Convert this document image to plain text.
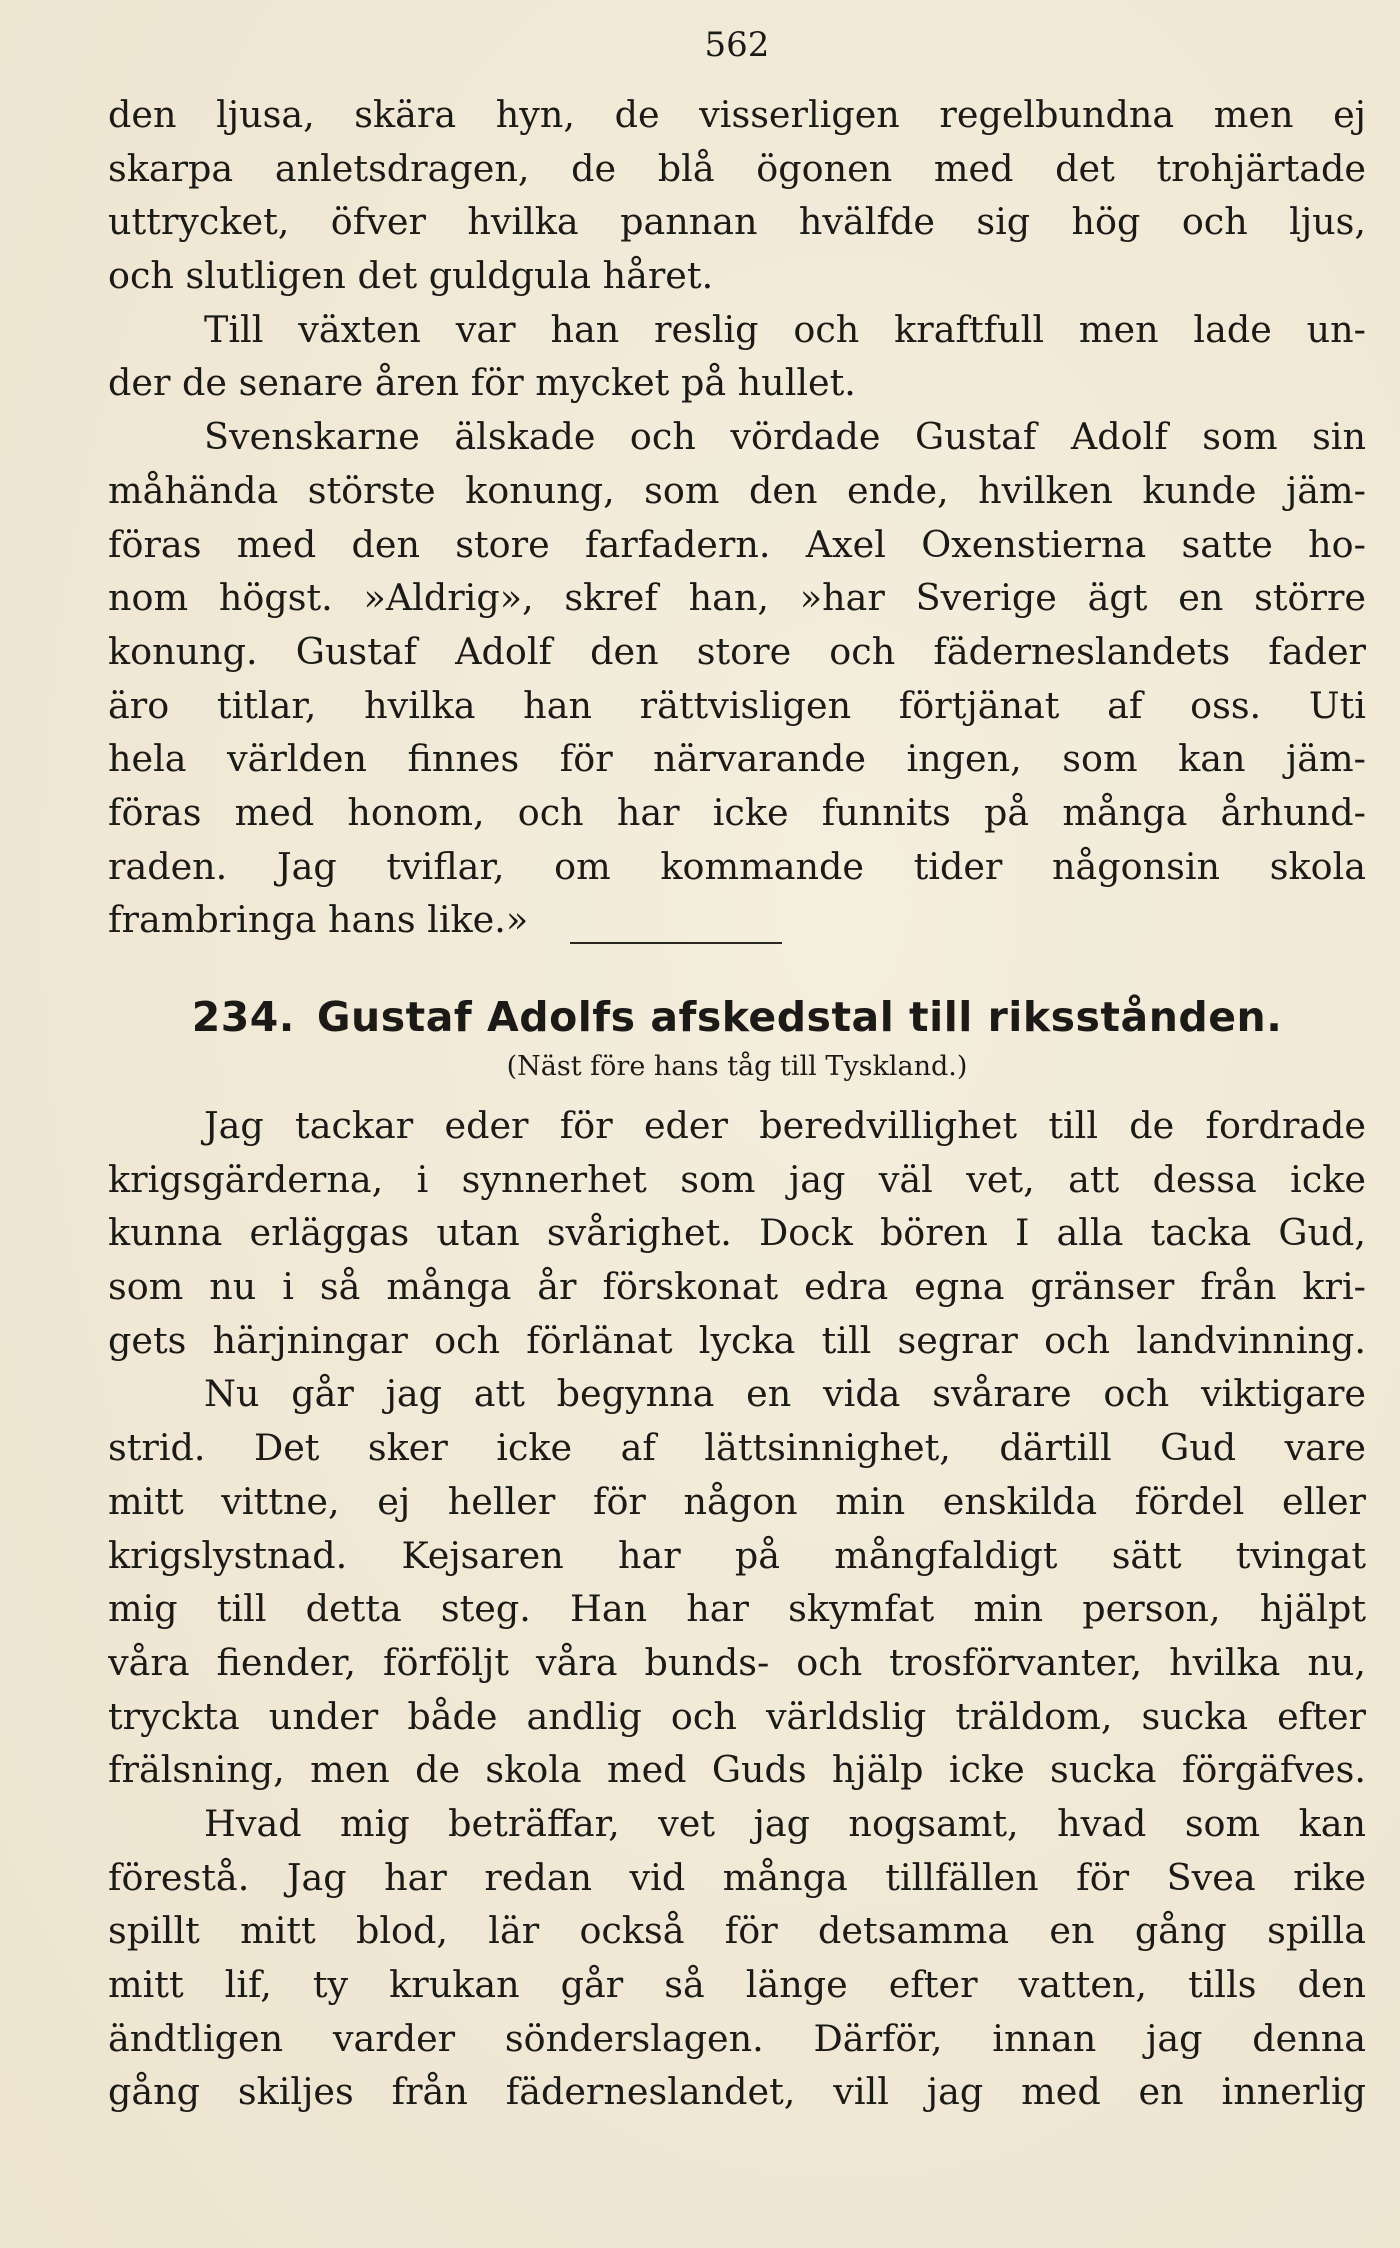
562
den ljusa, skära hyn, de visserligen regelbundna men ej
skarpa anletsdragen, de blå ögonen med det trohjärtade
uttrycket, öfver hvilka pannan hvälfde sig hög och ljus,
och slutligen det guldgula håret.
Till växten var han reslig och kraftfull men lade un-
der de senare åren för mycket på hullet.
Svenskarne älskade och vördade Gustaf Adolf som sin
måhända störste konung, som den ende, hvilken kunde jäm-
föras med den store farfadern. Axel Oxenstierna satte ho-
nom högst. »Aldrig», skref han, »har Sverige ägt en större
konung. Gustaf Adolf den store och fäderneslandets fader
äro titlar, hvilka han rättvisligen förtjänat af oss. Uti
hela världen finnes för närvarande ingen, som kan jäm-
föras med honom, och har icke funnits på många århund-
raden. Jag tviflar, om kommande tider någonsin skola
frambringa hans like.»
234. Gustaf Adolfs afskedstal till riksstånden.
(Näst före hans tåg till Tyskland.)
Jag tackar eder för eder beredvillighet till de fordrade
krigsgärderna, i synnerhet som jag väl vet, att dessa icke
kunna erläggas utan svårighet. Dock bören I alla tacka Gud,
som nu i så många år förskonat edra egna gränser från kri-
gets härjningar och förlänat lycka till segrar och landvinning.
Nu går jag att begynna en vida svårare och viktigare
strid. Det sker icke af lättsinnighet, därtill Gud vare
mitt vittne, ej heller för någon min enskilda fördel eller
krigslystnad. Kejsaren har på mångfaldigt sätt tvingat
mig till detta steg. Han har skymfat min person, hjälpt
våra fiender, förföljt våra bunds- och trosförvanter, hvilka nu,
tryckta under både andlig och världslig träldom, sucka efter
frälsning, men de skola med Guds hjälp icke sucka förgäfves.
Hvad mig beträffar, vet jag nogsamt, hvad som kan
förestå. Jag har redan vid många tillfällen för Svea rike
spillt mitt blod, lär också för detsamma en gång spilla
mitt lif, ty krukan går så länge efter vatten, tills den
ändtligen varder sönderslagen. Därför, innan jag denna
gång skiljes från fäderneslandet, vill jag med en innerlig
